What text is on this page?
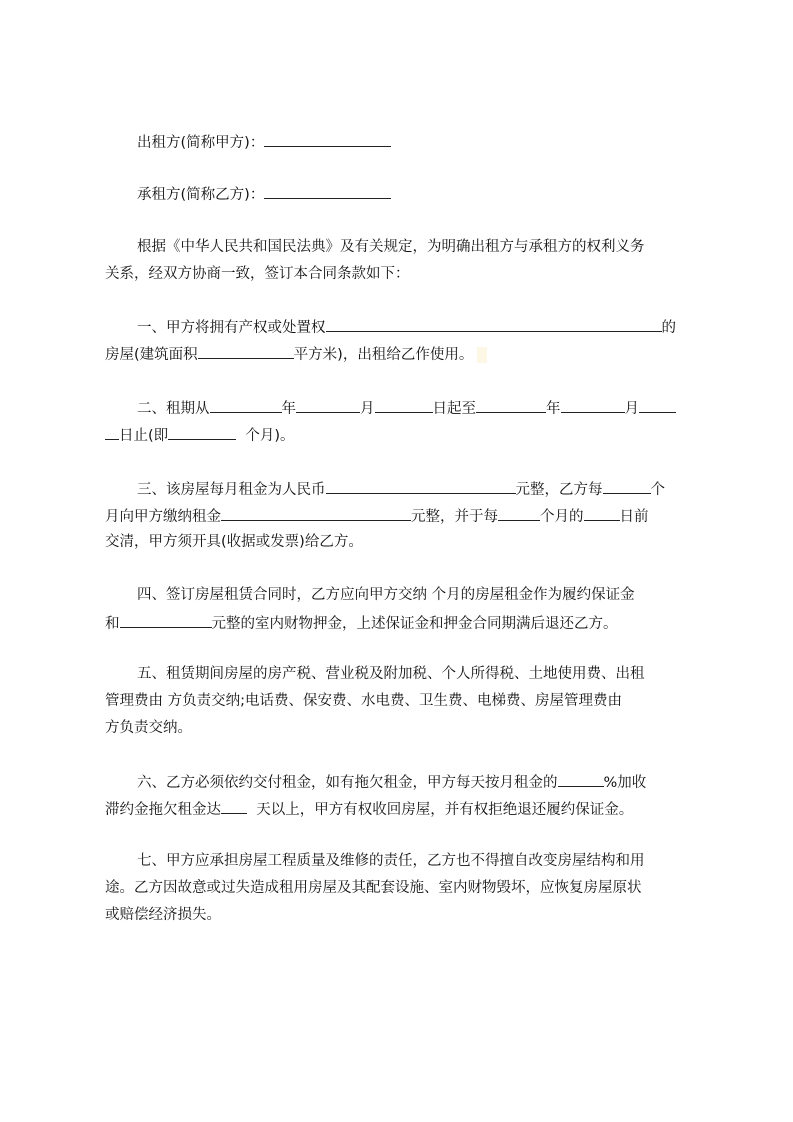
出租方(简称甲方)：
承租方(简称乙方)：
根据《中华人民共和国民法典》及有关规定，为明确出租方与承租方的权利义务
关系，经双方协商一致，签订本合同条款如下：
一、甲方将拥有产权或处置权	的
房屋(建筑面积	平方米)，出租给乙作使用。
二、租期从	年	月	日起至	年	月
日止(即	个月)。
三、该房屋每月租金为人民币	元整，乙方每	个
月向甲方缴纳租金	元整，并于每	个月的 日前
交清，甲方须开具(收据或发票)给乙方。
四、签订房屋租赁合同时，乙方应向甲方交纳 个月的房屋租金作为履约保证金
和	元整的室内财物押金，上述保证金和押金合同期满后退还乙方。
五、租赁期间房屋的房产税、营业税及附加税、个人所得税、土地使用费、出租
管理费由 方负责交纳;电话费、保安费、水电费、卫生费、电梯费、房屋管理费由
方负责交纳。
六、乙方必须依约交付租金，如有拖欠租金，甲方每天按月租金的	%加收
滞约金拖欠租金达 天以上，甲方有权收回房屋，并有权拒绝退还履约保证金。
七、甲方应承担房屋工程质量及维修的责任，乙方也不得擅自改变房屋结构和用
途。乙方因故意或过失造成租用房屋及其配套设施、室内财物毁坏，应恢复房屋原状
或赔偿经济损失。
